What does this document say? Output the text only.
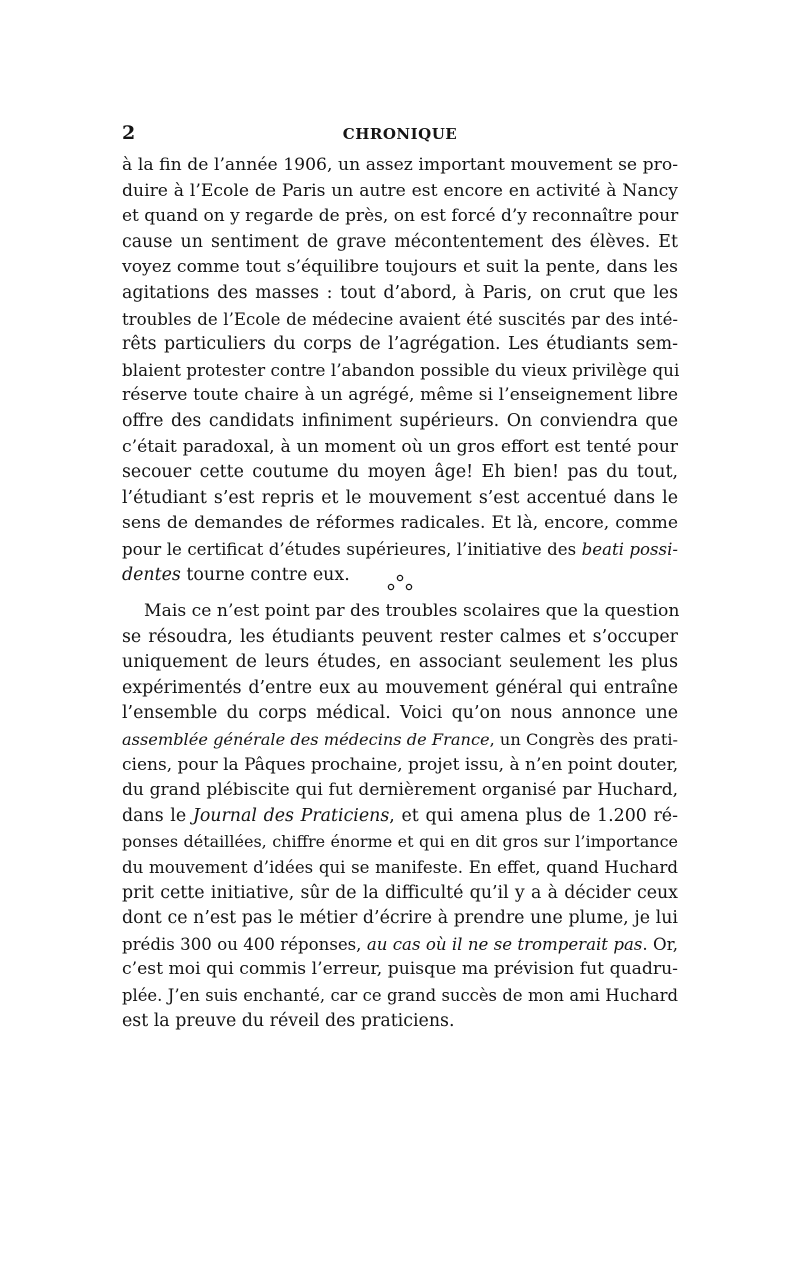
2	CHRONIQUE
à la fin de l’année 1906, un assez important mouvement se pro-
duire à l’Ecole de Paris un autre est encore en activité à Nancy
et quand on y regarde de près, on est forcé d’y reconnaître pour
cause un sentiment de grave mécontentement des élèves. Et
voyez comme tout s’équilibre toujours et suit la pente, dans les
agitations des masses : tout d’abord, à Paris, on crut que les
troubles de l’Ecole de médecine avaient été suscités par des inté-
rêts particuliers du corps de l’agrégation. Les étudiants sem-
blaient protester contre l’abandon possible du vieux privilège qui
réserve toute chaire à un agrégé, même si l’enseignement libre
offre des candidats infiniment supérieurs. On conviendra que
c’était paradoxal, à un moment où un gros effort est tenté pour
secouer cette coutume du moyen âge! Eh bien! pas du tout,
l’étudiant s’est repris et le mouvement s’est accentué dans le
sens de demandes de réformes radicales. Et là, encore, comme
pour le certificat d’études supérieures, l’initiative des beati possi-
dentes tourne contre eux.
Mais ce n’est point par des troubles scolaires que la question
se résoudra, les étudiants peuvent rester calmes et s’occuper
uniquement de leurs études, en associant seulement les plus
expérimentés d’entre eux au mouvement général qui entraîne
l’ensemble du corps médical. Voici qu’on nous annonce une
assemblée générale des médecins de France, un Congrès des prati-
ciens, pour la Pâques prochaine, projet issu, à n’en point douter,
du grand plébiscite qui fut dernièrement organisé par Huchard,
dans le Journal des Praticiens, et qui amena plus de 1.200 ré-
ponses détaillées, chiffre énorme et qui en dit gros sur l’importance
du mouvement d’idées qui se manifeste. En effet, quand Huchard
prit cette initiative, sûr de la difficulté qu’il y a à décider ceux
dont ce n’est pas le métier d’écrire à prendre une plume, je lui
prédis 300 ou 400 réponses, au cas où il ne se tromperait pas. Or,
c’est moi qui commis l’erreur, puisque ma prévision fut quadru-
plée. J’en suis enchanté, car ce grand succès de mon ami Huchard
est la preuve du réveil des praticiens.
